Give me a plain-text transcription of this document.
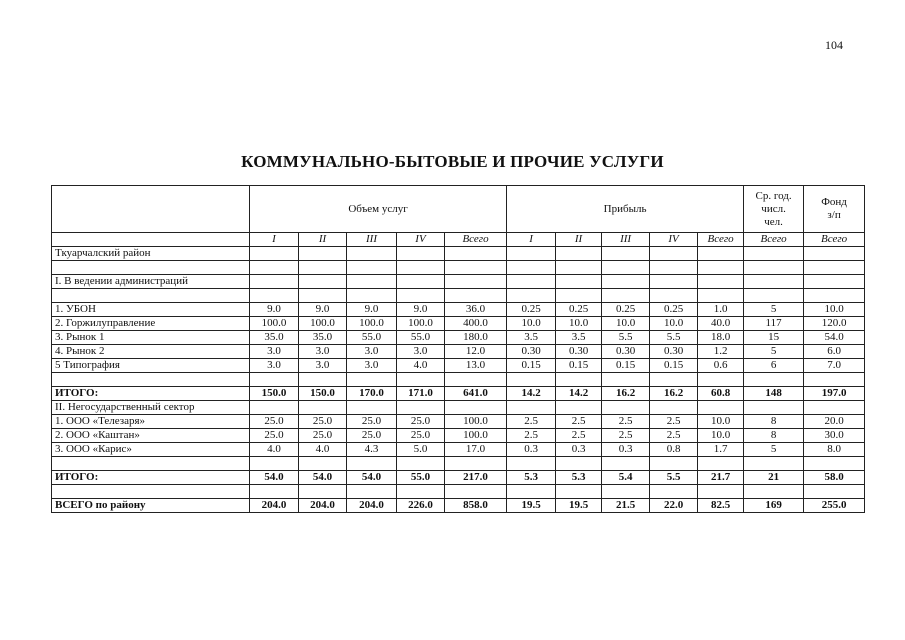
104
КОММУНАЛЬНО-БЫТОВЫЕ И ПРОЧИЕ УСЛУГИ
	Объем услуг					Прибыль					Ср. год.
числ.
чел.	Фонд
з/п
	I	II	III	IV	Всего	I	II	III	IV	Всего	Всего	Всего
Ткуарчалский район												

I. В ведении администраций												

1. УБОН	9.0	9.0	9.0	9.0	36.0	0.25	0.25	0.25	0.25	1.0	5	10.0
2. Горжилуправление	100.0	100.0	100.0	100.0	400.0	10.0	10.0	10.0	10.0	40.0	117	120.0
3. Рынок 1	35.0	35.0	55.0	55.0	180.0	3.5	3.5	5.5	5.5	18.0	15	54.0
4. Рынок 2	3.0	3.0	3.0	3.0	12.0	0.30	0.30	0.30	0.30	1.2	5	6.0
5 Типография	3.0	3.0	3.0	4.0	13.0	0.15	0.15	0.15	0.15	0.6	6	7.0

ИТОГО:	150.0	150.0	170.0	171.0	641.0	14.2	14.2	16.2	16.2	60.8	148	197.0
II. Негосударственный сектор												
1. ООО «Телезаря»	25.0	25.0	25.0	25.0	100.0	2.5	2.5	2.5	2.5	10.0	8	20.0
2. ООО «Каштан»	25.0	25.0	25.0	25.0	100.0	2.5	2.5	2.5	2.5	10.0	8	30.0
3. ООО «Карис»	4.0	4.0	4.3	5.0	17.0	0.3	0.3	0.3	0.8	1.7	5	8.0

ИТОГО:	54.0	54.0	54.0	55.0	217.0	5.3	5.3	5.4	5.5	21.7	21	58.0

ВСЕГО по району	204.0	204.0	204.0	226.0	858.0	19.5	19.5	21.5	22.0	82.5	169	255.0
